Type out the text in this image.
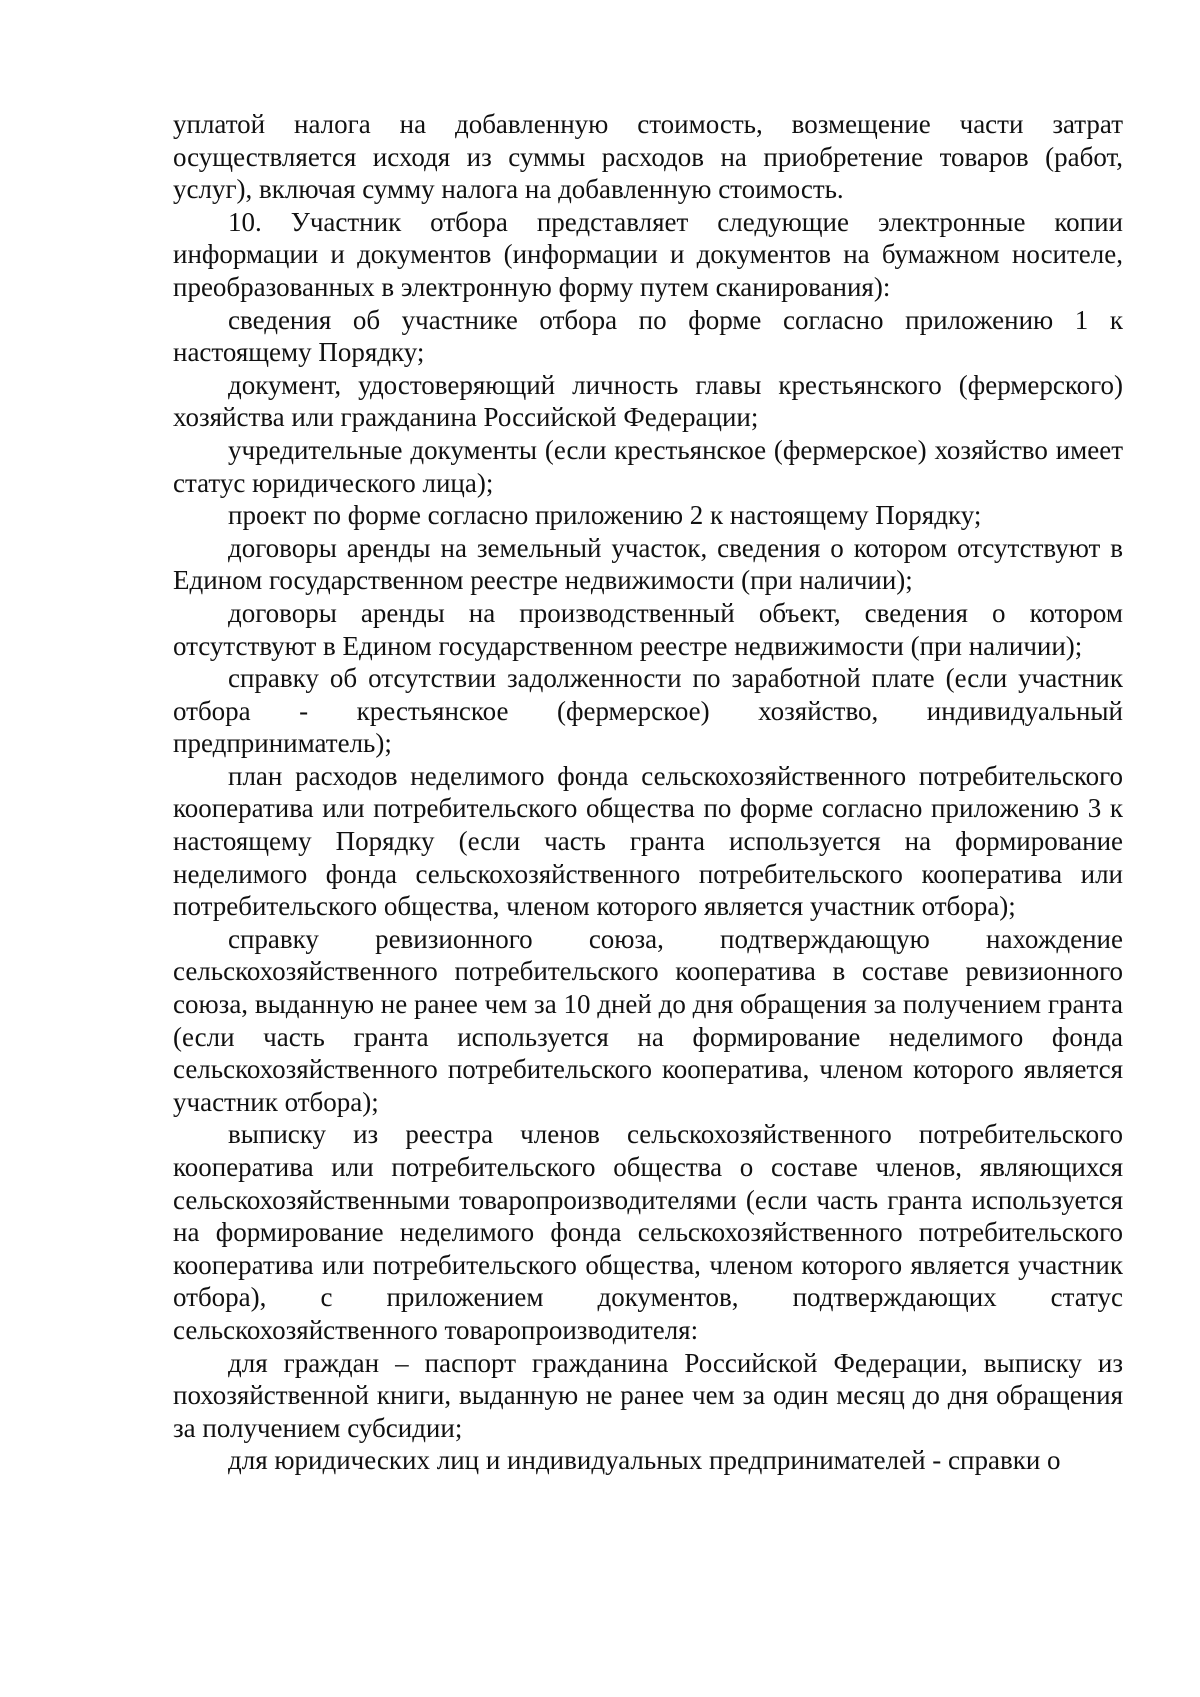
уплатой налога на добавленную стоимость, возмещение части затрат осуществляется исходя из суммы расходов на приобретение товаров (работ, услуг), включая сумму налога на добавленную стоимость.

10. Участник отбора представляет следующие электронные копии информации и документов (информации и документов на бумажном носителе, преобразованных в электронную форму путем сканирования):

сведения об участнике отбора по форме согласно приложению 1 к настоящему Порядку;

документ, удостоверяющий личность главы крестьянского (фермерского) хозяйства или гражданина Российской Федерации;

учредительные документы (если крестьянское (фермерское) хозяйство имеет статус юридического лица);

проект по форме согласно приложению 2 к настоящему Порядку;

договоры аренды на земельный участок, сведения о котором отсутствуют в Едином государственном реестре недвижимости (при наличии);

договоры аренды на производственный объект, сведения о котором отсутствуют в Едином государственном реестре недвижимости (при наличии);

справку об отсутствии задолженности по заработной плате (если участник отбора - крестьянское (фермерское) хозяйство, индивидуальный предприниматель);

план расходов неделимого фонда сельскохозяйственного потребительского кооператива или потребительского общества по форме согласно приложению 3 к настоящему Порядку (если часть гранта используется на формирование неделимого фонда сельскохозяйственного потребительского кооператива или потребительского общества, членом которого является участник отбора);

справку ревизионного союза, подтверждающую нахождение сельскохозяйственного потребительского кооператива в составе ревизионного союза, выданную не ранее чем за 10 дней до дня обращения за получением гранта (если часть гранта используется на формирование неделимого фонда сельскохозяйственного потребительского кооператива, членом которого является участник отбора);

выписку из реестра членов сельскохозяйственного потребительского кооператива или потребительского общества о составе членов, являющихся сельскохозяйственными товаропроизводителями (если часть гранта используется на формирование неделимого фонда сельскохозяйственного потребительского кооператива или потребительского общества, членом которого является участник отбора), с приложением документов, подтверждающих статус сельскохозяйственного товаропроизводителя:

для граждан – паспорт гражданина Российской Федерации, выписку из похозяйственной книги, выданную не ранее чем за один месяц до дня обращения за получением субсидии;

для юридических лиц и индивидуальных предпринимателей - справки о
